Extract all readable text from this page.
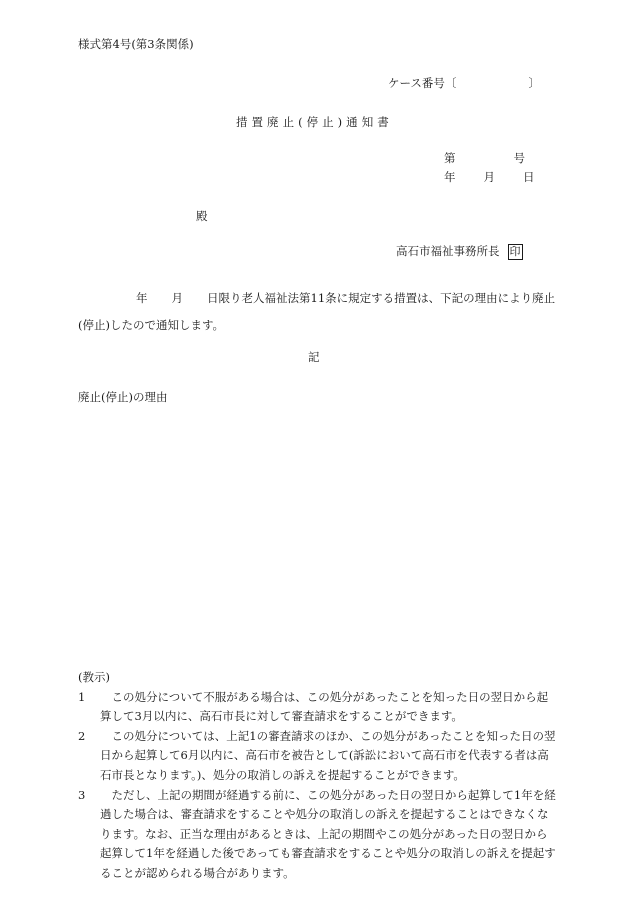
様式第4号(第3条関係)
ケース番号〔	〕
措置廃止(停止)通知書
第	号
年 月 日
殿
高石市福祉事務所長 印
年 月 日限り老人福祉法第11条に規定する措置は、下記の理由により廃止(停止)したので通知します。
記
廃止(停止)の理由
(教示)
1	この処分について不服がある場合は、この処分があったことを知った日の翌日から起算して3月以内に、高石市長に対して審査請求をすることができます。

2	この処分については、上記1の審査請求のほか、この処分があったことを知った日の翌日から起算して6月以内に、高石市を被告として(訴訟において高石市を代表する者は高石市長となります。)、処分の取消しの訴えを提起することができます。

3	ただし、上記の期間が経過する前に、この処分があった日の翌日から起算して1年を経過した場合は、審査請求をすることや処分の取消しの訴えを提起することはできなくなります。なお、正当な理由があるときは、上記の期間やこの処分があった日の翌日から起算して1年を経過した後であっても審査請求をすることや処分の取消しの訴えを提起することが認められる場合があります。
